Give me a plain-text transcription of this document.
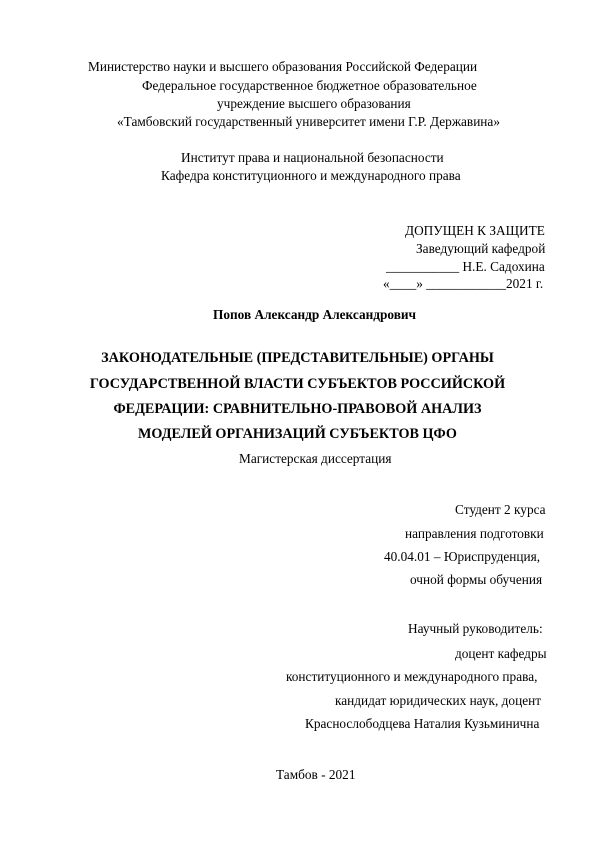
Министерство науки и высшего образования Российской Федерации
Федеральное государственное бюджетное образовательное
учреждение высшего образования
«Тамбовский государственный университет имени Г.Р. Державина»
Институт права и национальной безопасности
Кафедра конституционного и международного права
ДОПУЩЕН К ЗАЩИТЕ
Заведующий кафедрой
___________ Н.Е. Садохина
«____» ____________2021 г.
Попов Александр Александрович
ЗАКОНОДАТЕЛЬНЫЕ (ПРЕДСТАВИТЕЛЬНЫЕ) ОРГАНЫ
ГОСУДАРСТВЕННОЙ ВЛАСТИ СУБЪЕКТОВ РОССИЙСКОЙ
ФЕДЕРАЦИИ: СРАВНИТЕЛЬНО-ПРАВОВОЙ АНАЛИЗ
МОДЕЛЕЙ ОРГАНИЗАЦИЙ СУБЪЕКТОВ ЦФО
Магистерская диссертация
Студент 2 курса
направления подготовки
40.04.01 – Юриспруденция,
очной формы обучения
Научный руководитель:
доцент кафедры
конституционного и международного права,
кандидат юридических наук, доцент
Краснослободцева Наталия Кузьминична
Тамбов - 2021
